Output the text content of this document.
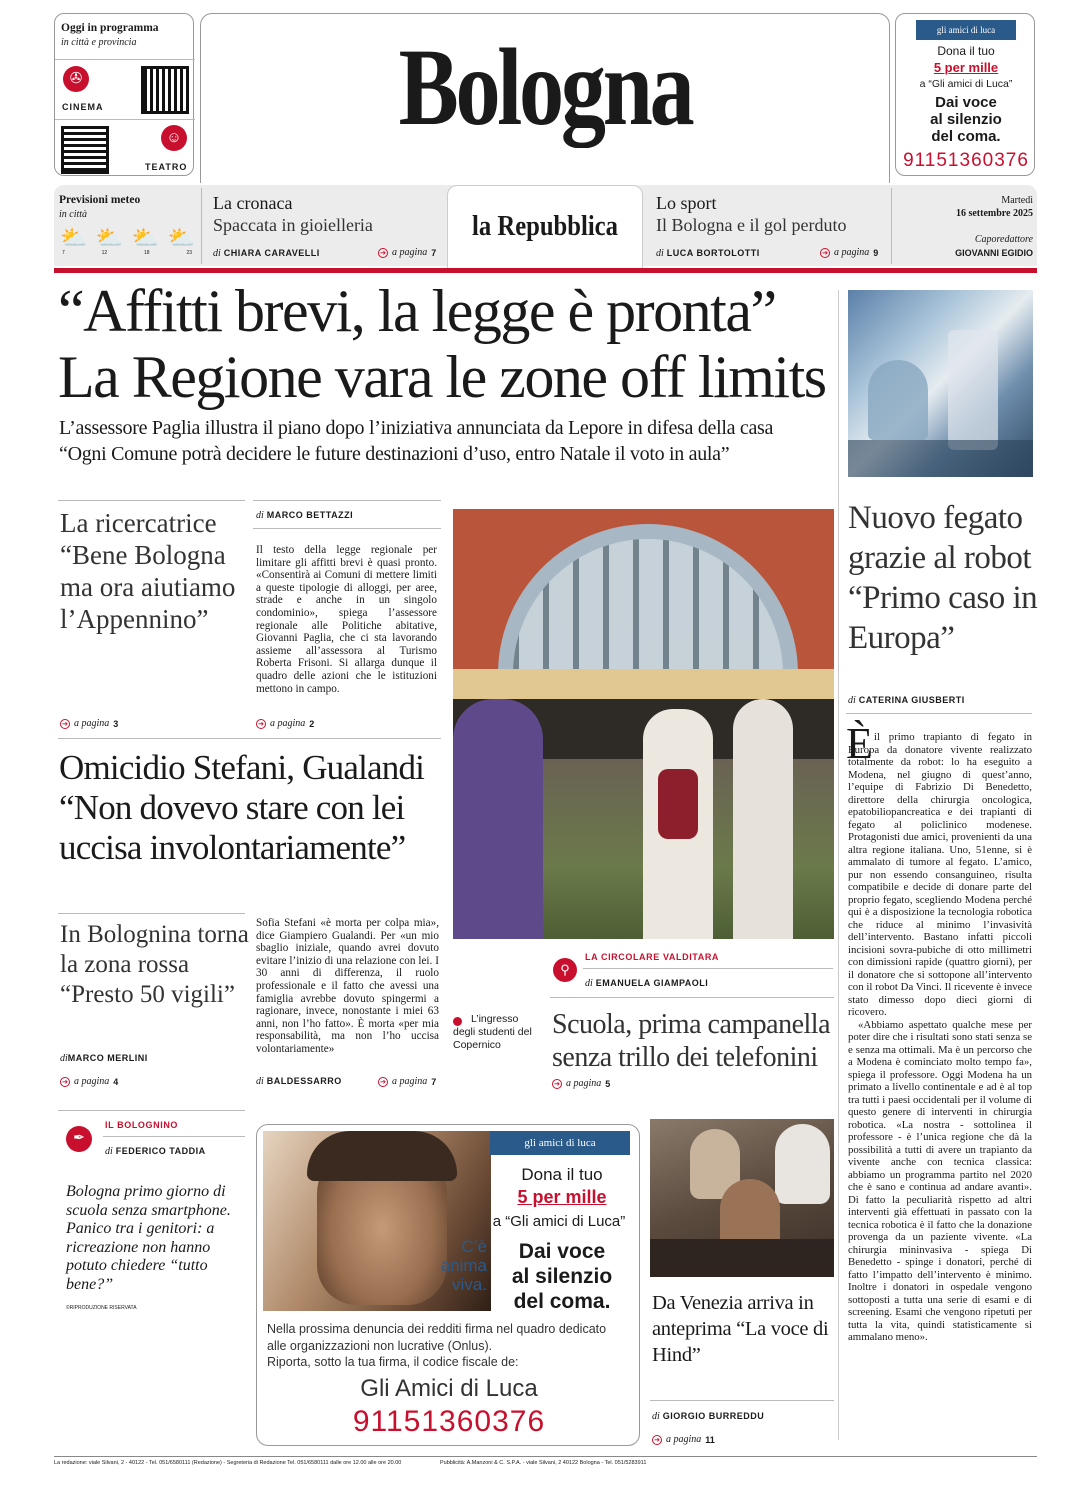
Oggi in programma
in città e provincia
✇
CINEMA
☺
TEATRO
Bologna	gli amici di luca
Dona il tuo
5 per mille
a “Gli amici di Luca”
Dai voce
al silenzio
del coma.
91151360376
Previsioni meteo
in città
⛅ ⛅ ⛅ ⛅
7	12	18	23
La cronaca
Spaccata in gioielleria
di CHIARA CARAVELLI	➔ a pagina 7
la Repubblica
Lo sport
Il Bologna e il gol perduto
di LUCA BORTOLOTTI	➔ a pagina 9
Martedì
16 settembre 2025
Caporedattore
GIOVANNI EGIDIO
“Affitti brevi, la legge è pronta”
La Regione vara le zone off limits
L’assessore Paglia illustra il piano dopo l’iniziativa annunciata da Lepore in difesa della casa
“Ogni Comune potrà decidere le future destinazioni d’uso, entro Natale il voto in aula”
La ricercatrice “Bene Bologna ma ora aiutiamo l’Appennino”
➔ a pagina 3
di MARCO BETTAZZI
Il testo della legge regionale per limitare gli affitti brevi è quasi pronto. «Consentirà ai Comuni di mettere limiti a queste tipologie di alloggi, per aree, strade e anche in un singolo condominio», spiega l’assessore regionale alle Politiche abitative, Giovanni Paglia, che ci sta lavorando assieme all’assessora al Turismo Roberta Frisoni. Si allarga dunque il quadro delle azioni che le istituzioni mettono in campo.
➔ a pagina 2
Omicidio Stefani, Gualandi “Non dovevo stare con lei uccisa involontariamente”
In Bolognina torna la zona rossa “Presto 50 vigili”
diMARCO MERLINI
➔ a pagina 4
Sofia Stefani «è morta per colpa mia», dice Giampiero Gualandi. Per «un mio sbaglio iniziale, quando avrei dovuto evitare l’inizio di una relazione con lei. I 30 anni di differenza, il ruolo professionale e il fatto che avessi una famiglia avrebbe dovuto spingermi a ragionare, invece, nonostante i miei 63 anni, non l’ho fatto». È morta «per mia responsabilità, ma non l’ho uccisa volontariamente»
di BALDESSARRO	➔ a pagina 7
L’ingresso degli studenti del Copernico
⚲
LA CIRCOLARE VALDITARA
di EMANUELA GIAMPAOLI
Scuola, prima campanella senza trillo dei telefonini
➔ a pagina 5
Nuovo fegato grazie al robot “Primo caso in Europa”
di CATERINA GIUSBERTI
È il primo trapianto di fegato in Europa da donatore vivente realizzato totalmente da robot: lo ha eseguito a Modena, nel giugno di quest’anno, l’equipe di Fabrizio Di Benedetto, direttore della chirurgia oncologica, epatobiliopancreatica e dei trapianti di fegato al policlinico modenese. Protagonisti due amici, provenienti da una altra regione italiana. Uno, 51enne, si è ammalato di tumore al fegato. L’amico, pur non essendo consanguineo, risulta compatibile e decide di donare parte del proprio fegato, scegliendo Modena perché qui è a disposizione la tecnologia robotica che riduce al minimo l’invasività dell’intervento. Bastano infatti piccoli incisioni sovra-pubiche di otto millimetri con dimissioni rapide (quattro giorni), per il donatore che si sottopone all’intervento con il robot Da Vinci. Il ricevente è invece stato dimesso dopo dieci giorni di ricovero.

«Abbiamo aspettato qualche mese per poter dire che i risultati sono stati senza se e senza ma ottimali. Ma è un percorso che a Modena è cominciato molto tempo fa», spiega il professore. Oggi Modena ha un primato a livello continentale e ad è al top tra tutti i paesi occidentali per il volume di questo genere di interventi in chirurgia robotica. «La nostra - sottolinea il professore - è l’unica regione che dà la possibilità a tutti di avere un trapianto da vivente anche con tecnica classica: abbiamo un programma partito nel 2020 che è sano e continua ad andare avanti». Di fatto la peculiarità rispetto ad altri interventi già effettuati in passato con la tecnica robotica è il fatto che la donazione provenga da un paziente vivente. «La chirurgia mininvasiva - spiega Di Benedetto - spinge i donatori, perché di fatto l’impatto dell’intervento è minimo. Inoltre i donatori in ospedale vengono sottoposti a tutta una serie di esami e di screening. Esami che vengono ripetuti per tutta la vita, quindi statisticamente si ammalano meno».

✒
IL BOLOGNINO
di FEDERICO TADDIA
Bologna primo giorno di scuola senza smartphone. Panico tra i genitori: a ricreazione non hanno potuto chiedere “tutto bene?”
©RIPRODUZIONE RISERVATA
C’è
anima
viva.
gli amici di luca
Dona il tuo
5 per mille
a “Gli amici di Luca”
Dai voce
al silenzio
del coma.
Nella prossima denuncia dei redditi firma nel quadro dedicato
alle organizzazioni non lucrative (Onlus).
Riporta, sotto la tua firma, il codice fiscale de:
Gli Amici di Luca
91151360376
Da Venezia arriva in anteprima “La voce di Hind”
di GIORGIO BURREDDU
➔ a pagina 11
La redazione: viale Silvani, 2 - 40122 - Tel. 051/6580111 (Redazione) - Segreteria di Redazione Tel. 051/6580111 dalle ore 12.00 alle ore 20.00	Pubblicità: A.Manzoni & C. S.P.A. - viale Silvani, 2 40122 Bologna - Tel. 051/5283911
